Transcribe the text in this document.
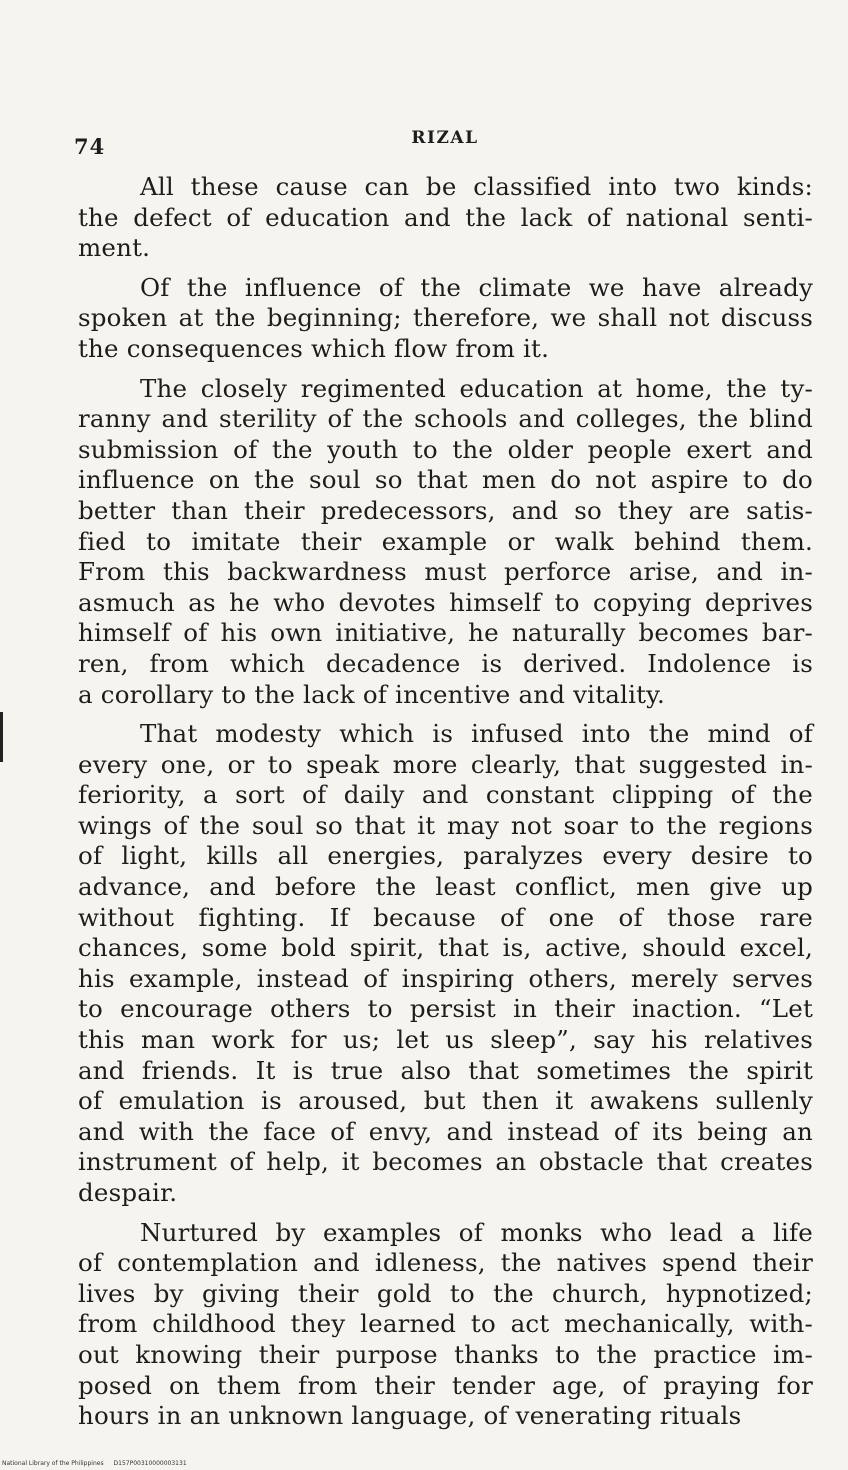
74	RIZAL
All these cause can be classified into two kinds:
the defect of education and the lack of national senti-
ment.
Of the influence of the climate we have already
spoken at the beginning; therefore, we shall not discuss
the consequences which flow from it.
The closely regimented education at home, the ty-
ranny and sterility of the schools and colleges, the blind
submission of the youth to the older people exert and
influence on the soul so that men do not aspire to do
better than their predecessors, and so they are satis-
fied to imitate their example or walk behind them.
From this backwardness must perforce arise, and in-
asmuch as he who devotes himself to copying deprives
himself of his own initiative, he naturally becomes bar-
ren, from which decadence is derived. Indolence is
a corollary to the lack of incentive and vitality.
That modesty which is infused into the mind of
every one, or to speak more clearly, that suggested in-
feriority, a sort of daily and constant clipping of the
wings of the soul so that it may not soar to the regions
of light, kills all energies, paralyzes every desire to
advance, and before the least conflict, men give up
without fighting. If because of one of those rare
chances, some bold spirit, that is, active, should excel,
his example, instead of inspiring others, merely serves
to encourage others to persist in their inaction. “Let
this man work for us; let us sleep”, say his relatives
and friends. It is true also that sometimes the spirit
of emulation is aroused, but then it awakens sullenly
and with the face of envy, and instead of its being an
instrument of help, it becomes an obstacle that creates
despair.
Nurtured by examples of monks who lead a life
of contemplation and idleness, the natives spend their
lives by giving their gold to the church, hypnotized;
from childhood they learned to act mechanically, with-
out knowing their purpose thanks to the practice im-
posed on them from their tender age, of praying for
hours in an unknown language, of venerating rituals
National Library of the Philippines D157P00310000003131
